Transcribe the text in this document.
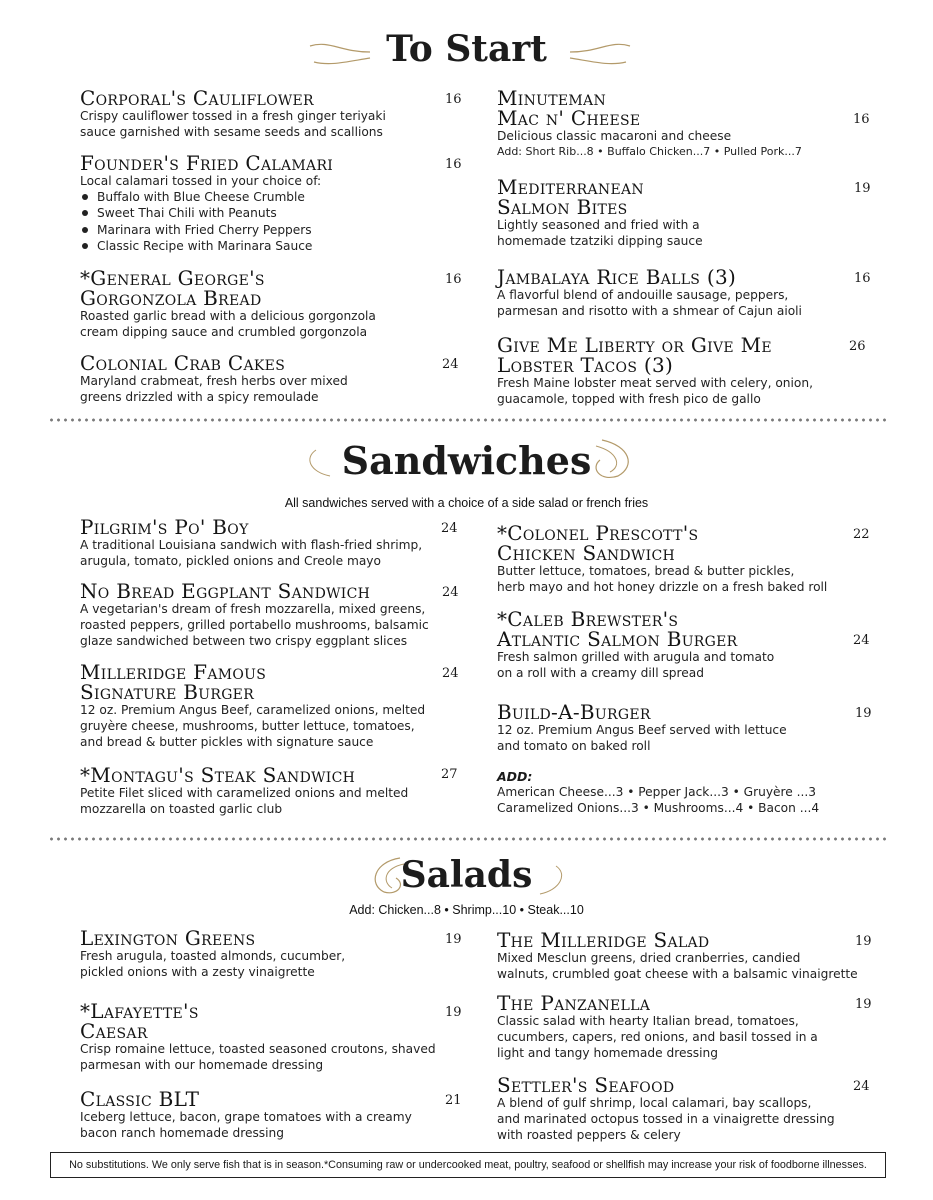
To Start
Corporal's Cauliflower
Crispy cauliflower tossed in a fresh ginger teriyaki
sauce garnished with sesame seeds and scallions
16
Founder's Fried Calamari
Local calamari tossed in your choice of:
Buffalo with Blue Cheese Crumble
Sweet Thai Chili with Peanuts
Marinara with Fried Cherry Peppers
Classic Recipe with Marinara Sauce
16
*General George's
Gorgonzola Bread
Roasted garlic bread with a delicious gorgonzola
cream dipping sauce and crumbled gorgonzola
16
Colonial Crab Cakes
Maryland crabmeat, fresh herbs over mixed
greens drizzled with a spicy remoulade
24
Minuteman
Mac n' Cheese
Delicious classic macaroni and cheese
Add: Short Rib...8 • Buffalo Chicken...7 • Pulled Pork...7
16
Mediterranean
Salmon Bites
Lightly seasoned and fried with a
homemade tzatziki dipping sauce
19
Jambalaya Rice Balls (3)
A flavorful blend of andouille sausage, peppers,
parmesan and risotto with a shmear of Cajun aioli
16
Give Me Liberty or Give Me
Lobster Tacos (3)
Fresh Maine lobster meat served with celery, onion,
guacamole, topped with fresh pico de gallo
26
Sandwiches
All sandwiches served with a choice of a side salad or french fries
Pilgrim's Po' Boy
A traditional Louisiana sandwich with flash-fried shrimp,
arugula, tomato, pickled onions and Creole mayo
24
No Bread Eggplant Sandwich
A vegetarian's dream of fresh mozzarella, mixed greens,
roasted peppers, grilled portabello mushrooms, balsamic
glaze sandwiched between two crispy eggplant slices
24
Milleridge Famous
Signature Burger
12 oz. Premium Angus Beef, caramelized onions, melted
gruyère cheese, mushrooms, butter lettuce, tomatoes,
and bread & butter pickles with signature sauce
24
*Montagu's Steak Sandwich
Petite Filet sliced with caramelized onions and melted
mozzarella on toasted garlic club
27
*Colonel Prescott's
Chicken Sandwich
Butter lettuce, tomatoes, bread & butter pickles,
herb mayo and hot honey drizzle on a fresh baked roll
22
*Caleb Brewster's
Atlantic Salmon Burger
Fresh salmon grilled with arugula and tomato
on a roll with a creamy dill spread
24
Build-A-Burger
12 oz. Premium Angus Beef served with lettuce
and tomato on baked roll
19
ADD:
American Cheese...3 • Pepper Jack...3 • Gruyère ...3
Caramelized Onions...3 • Mushrooms...4 • Bacon ...4
Salads
Add: Chicken...8 • Shrimp...10 • Steak...10
Lexington Greens
Fresh arugula, toasted almonds, cucumber,
pickled onions with a zesty vinaigrette
19
*Lafayette's
Caesar
Crisp romaine lettuce, toasted seasoned croutons, shaved
parmesan with our homemade dressing
19
Classic BLT
Iceberg lettuce, bacon, grape tomatoes with a creamy
bacon ranch homemade dressing
21
The Milleridge Salad
Mixed Mesclun greens, dried cranberries, candied
walnuts, crumbled goat cheese with a balsamic vinaigrette
19
The Panzanella
Classic salad with hearty Italian bread, tomatoes,
cucumbers, capers, red onions, and basil tossed in a
light and tangy homemade dressing
19
Settler's Seafood
A blend of gulf shrimp, local calamari, bay scallops,
and marinated octopus tossed in a vinaigrette dressing
with roasted peppers & celery
24
No substitutions. We only serve fish that is in season.*Consuming raw or undercooked meat, poultry, seafood or shellfish may increase your risk of foodborne illnesses.
